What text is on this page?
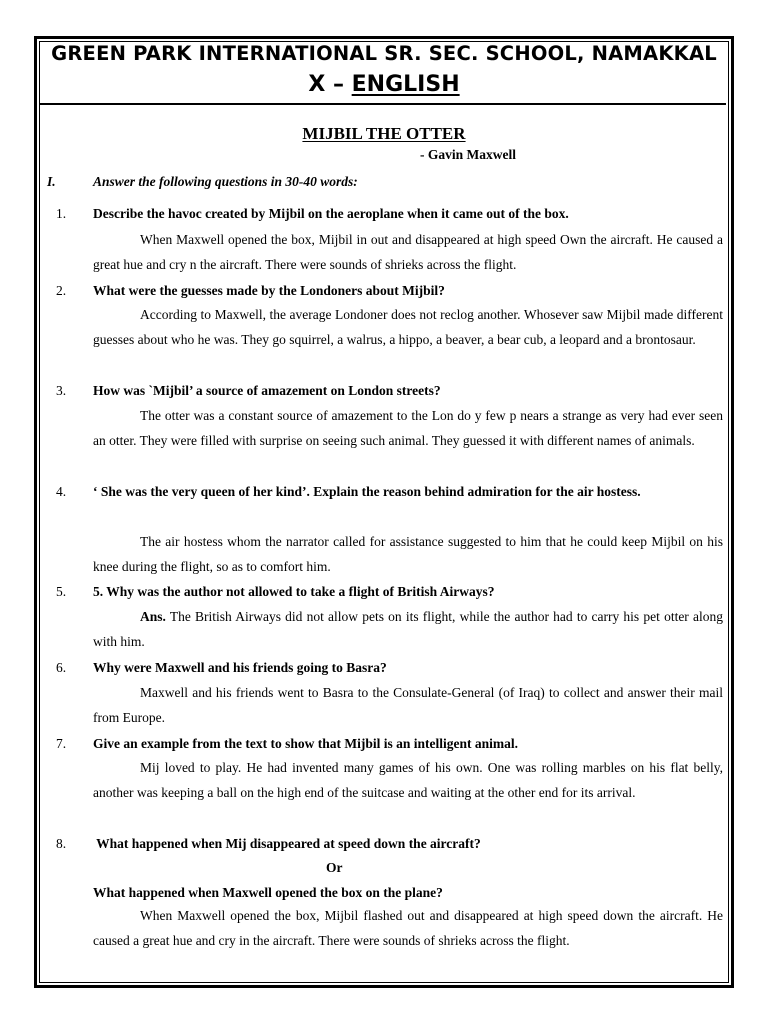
GREEN PARK INTERNATIONAL SR. SEC. SCHOOL, NAMAKKAL
X – ENGLISH
MIJBIL THE OTTER
- Gavin Maxwell
I.	Answer the following questions in 30-40 words:
1. Describe the havoc created by Mijbil on the aeroplane when it came out of the box.

When Maxwell opened the box, Mijbil in out and disappeared at high speed Own the aircraft. He caused a great hue and cry n the aircraft. There were sounds of shrieks across the flight.

2. What were the guesses made by the Londoners about Mijbil?

According to Maxwell, the average Londoner does not reclog another. Whosever saw Mijbil made different guesses about who he was. They go squirrel, a walrus, a hippo, a beaver, a bear cub, a leopard and a brontosaur.

3. How was `Mijbil’ a source of amazement on London streets?

The otter was a constant source of amazement to the Lon do y few p nears a strange as very had ever seen an otter. They were filled with surprise on seeing such animal. They guessed it with different names of animals.

4. ‘ She was the very queen of her kind’. Explain the reason behind admiration for the air hostess.

The air hostess whom the narrator called for assistance suggested to him that he could keep Mijbil on his knee during the flight, so as to comfort him.

5. 5. Why was the author not allowed to take a flight of British Airways?

Ans. The British Airways did not allow pets on its flight, while the author had to carry his pet otter along with him.

6. Why were Maxwell and his friends going to Basra?

Maxwell and his friends went to Basra to the Consulate-General (of Iraq) to collect and answer their mail from Europe.

7. Give an example from the text to show that Mijbil is an intelligent animal.

Mij loved to play. He had invented many games of his own. One was rolling marbles on his flat belly, another was keeping a ball on the high end of the suitcase and waiting at the other end for its arrival.

8. What happened when Mij disappeared at speed down the aircraft?
Or
What happened when Maxwell opened the box on the plane?

When Maxwell opened the box, Mijbil flashed out and disappeared at high speed down the aircraft. He caused a great hue and cry in the aircraft. There were sounds of shrieks across the flight.
